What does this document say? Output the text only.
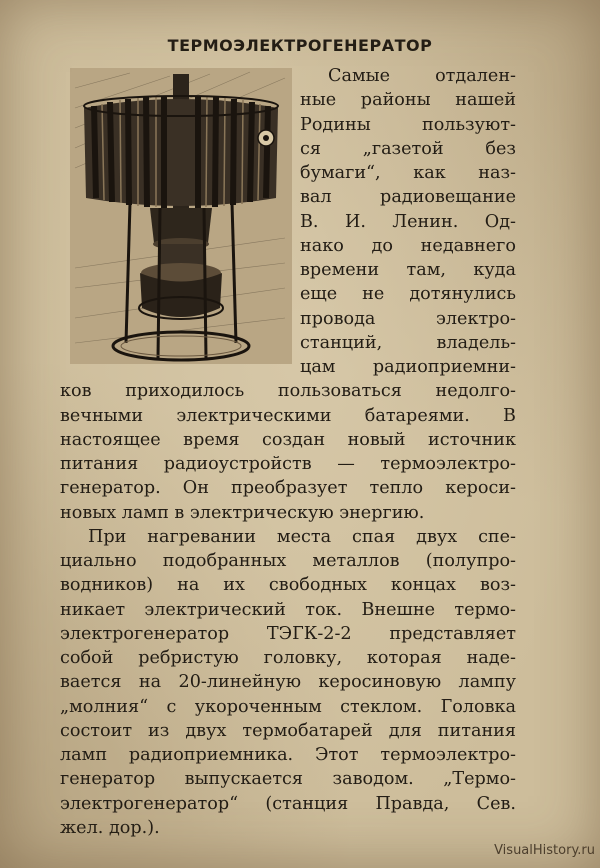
ТЕРМОЭЛЕКТРОГЕНЕРАТОР
Самые отдален-
ные районы нашей
Родины пользуют-
ся „газетой без
бумаги“, как наз-
вал радиовещание
В. И. Ленин. Од-
нако до недавнего
времени там, куда
еще не дотянулись
провода электро-
станций, владель-
цам радиоприемни-
ков приходилось пользоваться недолго-
вечными электрическими батареями. В
настоящее время создан новый источник
питания радиоустройств — термоэлектро-
генератор. Он преобразует тепло кероси-
новых ламп в электрическую энергию.
При нагревании места спая двух спе-
циально подобранных металлов (полупро-
водников) на их свободных концах воз-
никает электрический ток. Внешне термо-
электрогенератор ТЭГК-2-2 представляет
собой ребристую головку, которая наде-
вается на 20-линейную керосиновую лампу
„молния“ с укороченным стеклом. Головка
состоит из двух термобатарей для питания
ламп радиоприемника. Этот термоэлектро-
генератор выпускается заводом. „Термо-
электрогенератор“ (станция Правда, Сев.
жел. дор.).
VisualHistory.ru
